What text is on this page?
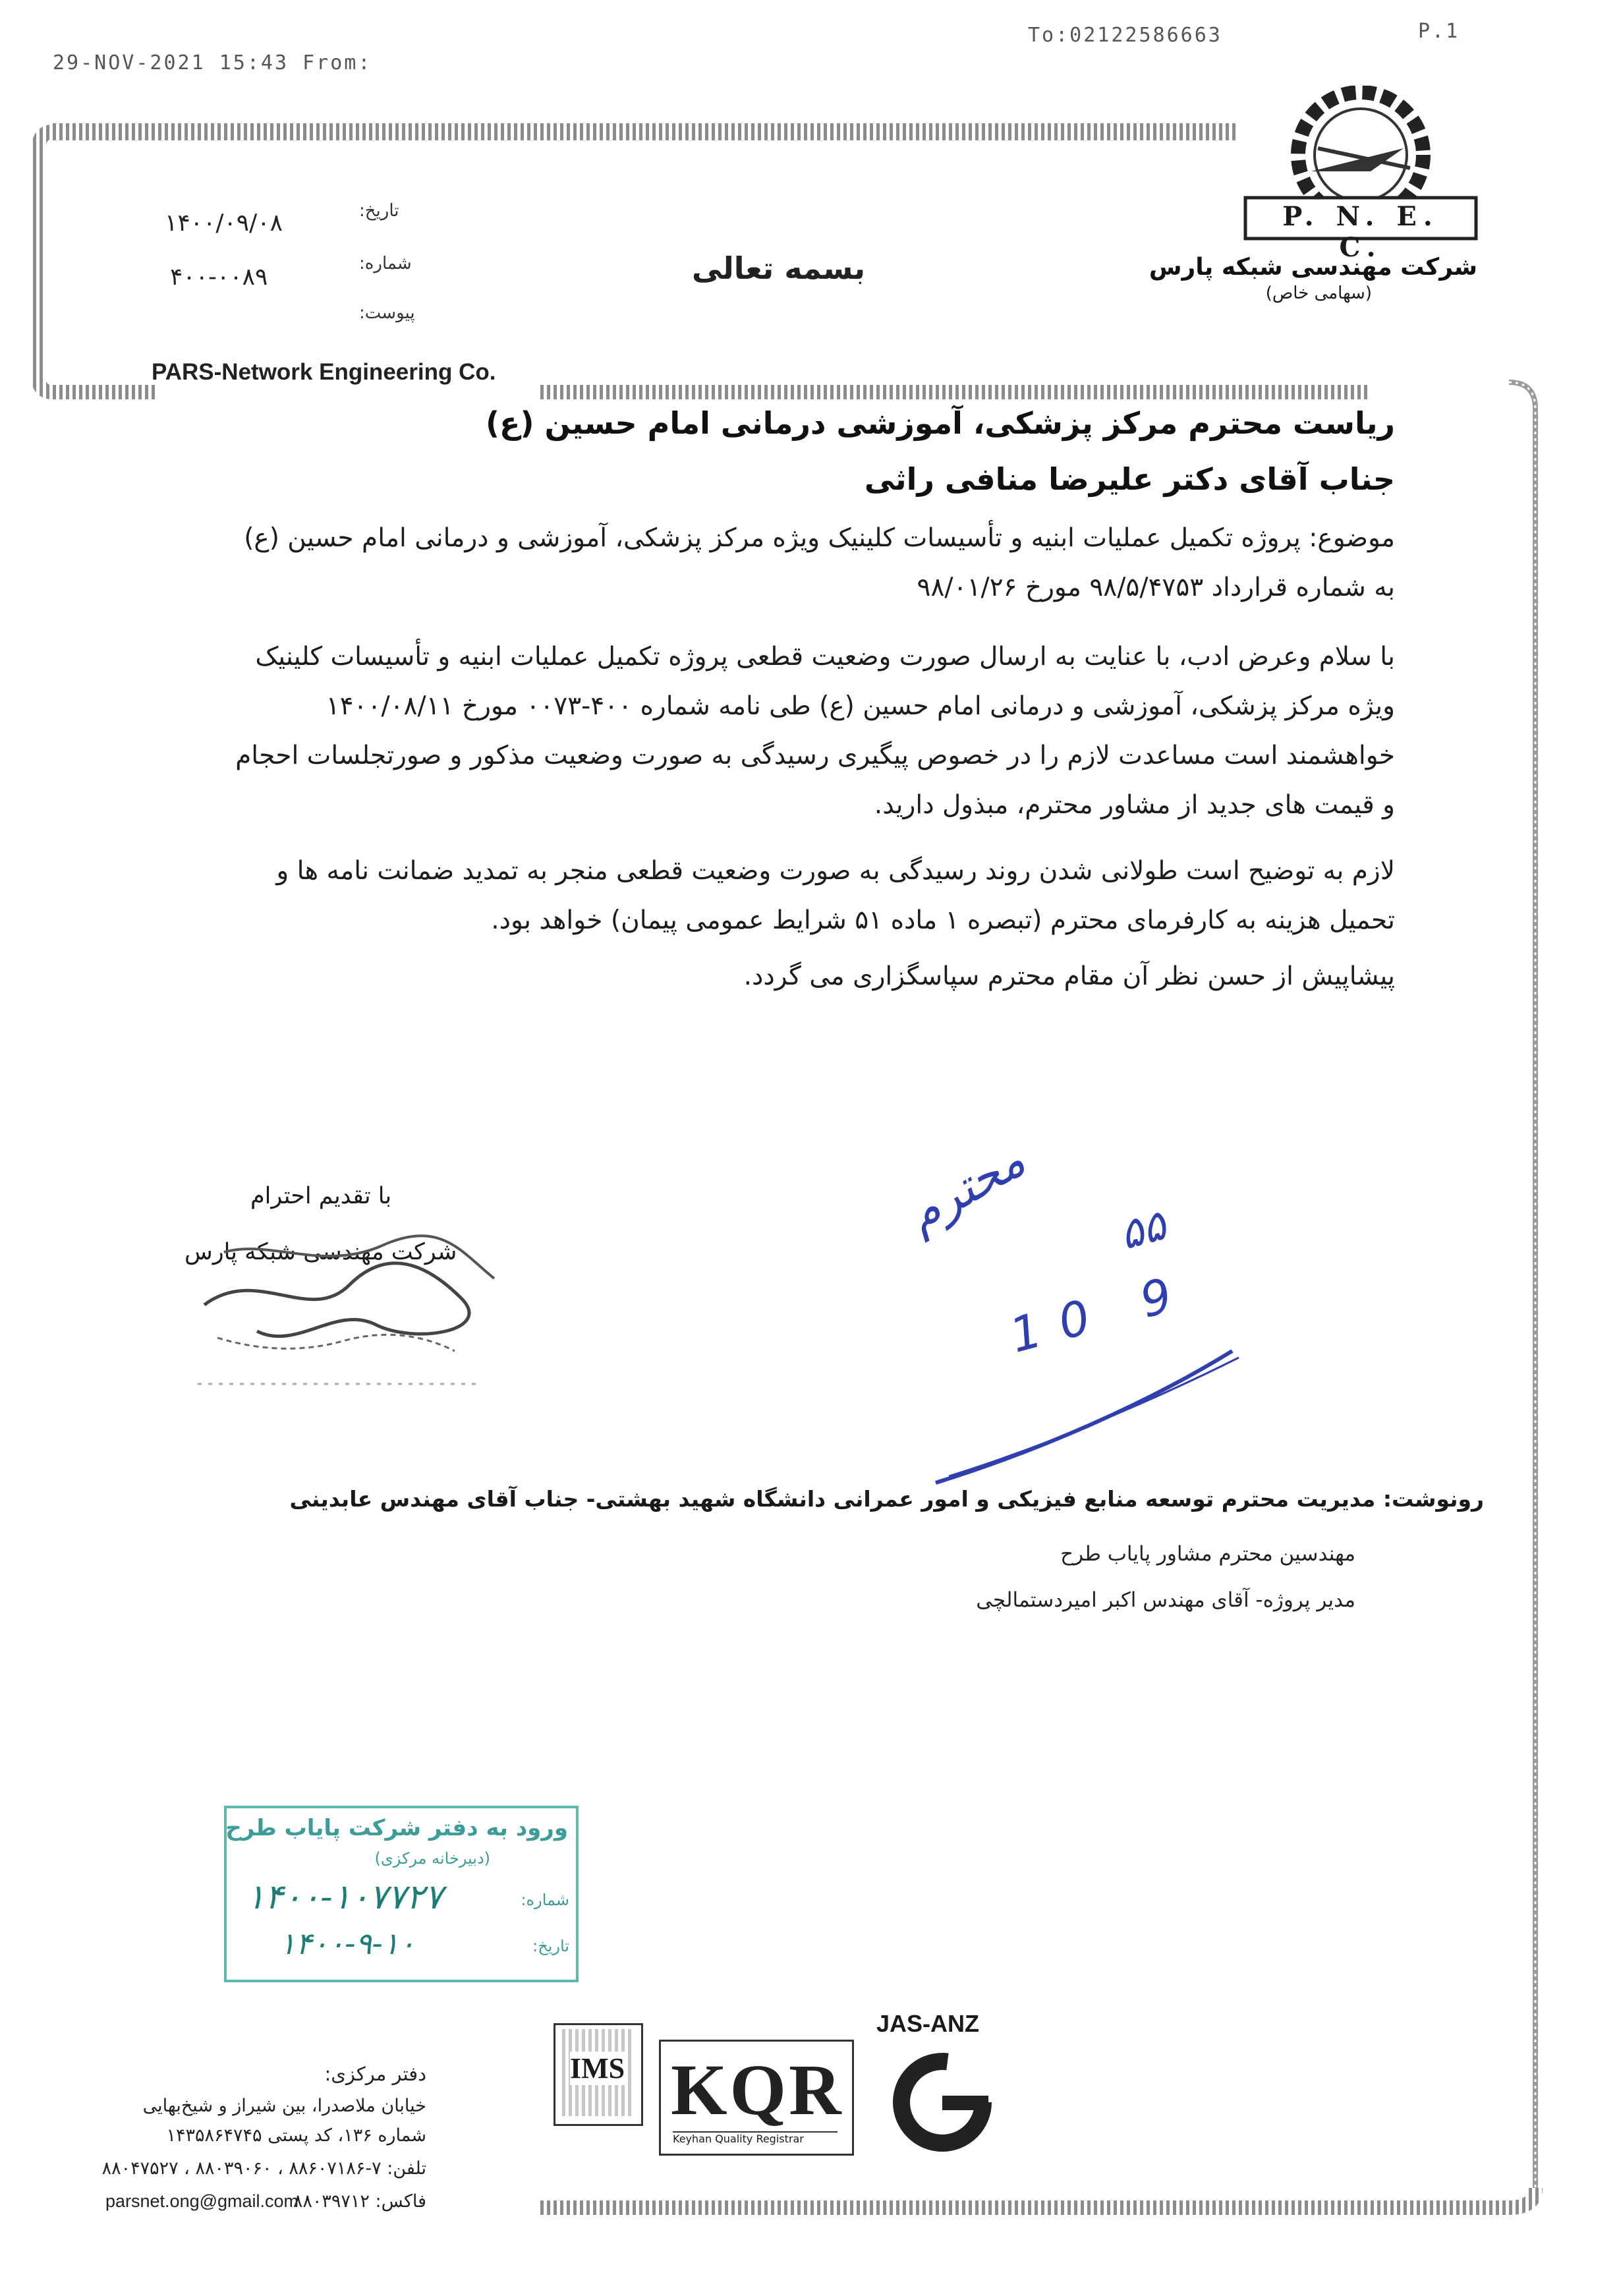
29-NOV-2021 15:43 From:
To:02122586663	P.1
P. N. E. C.
شرکت مهندسی شبکه پارس
(سهامی خاص)
PARS-Network Engineering Co.
بسمه تعالی
تاریخ:
۱۴۰۰/۰۹/۰۸
شماره:
۴۰۰-۰۰۸۹
پیوست:
ریاست محترم مرکز پزشکی، آموزشی درمانی امام حسین (ع)
جناب آقای دکتر علیرضا منافی راثی
موضوع: پروژه تکمیل عملیات ابنیه و تأسیسات کلینیک ویژه مرکز پزشکی، آموزشی و درمانی امام حسین (ع)
به شماره قرارداد ۹۸/۵/۴۷۵۳ مورخ ۹۸/۰۱/۲۶
با سلام وعرض ادب، با عنایت به ارسال صورت وضعیت قطعی پروژه تکمیل عملیات ابنیه و تأسیسات کلینیک
ویژه مرکز پزشکی، آموزشی و درمانی امام حسین (ع) طی نامه شماره ۴۰۰-۰۰۷۳ مورخ ۱۴۰۰/۰۸/۱۱
خواهشمند است مساعدت لازم را در خصوص پیگیری رسیدگی به صورت وضعیت مذکور و صورتجلسات احجام
و قیمت های جدید از مشاور محترم، مبذول دارید.
لازم به توضیح است طولانی شدن روند رسیدگی به صورت وضعیت قطعی منجر به تمدید ضمانت نامه ها و
تحمیل هزینه به کارفرمای محترم (تبصره ۱ ماده ۵۱ شرایط عمومی پیمان) خواهد بود.
پیشاپیش از حسن نظر آن مقام محترم سپاسگزاری می گردد.
با تقدیم احترام
شرکت مهندسی شبکه پارس
محترم ۵۵
10 9
رونوشت: مدیریت محترم توسعه منابع فیزیکی و امور عمرانی دانشگاه شهید بهشتی- جناب آقای مهندس عابدینی
مهندسین محترم مشاور پایاب طرح
مدیر پروژه- آقای مهندس اکبر امیردستمالچی
ورود به دفتر شرکت پایاب طرح
(دبیرخانه مرکزی)
شماره:
۱۴۰۰-۱۰۷۷۲۷
تاریخ:
۱۴۰۰-۹-۱۰
IMS KQR
Keyhan Quality Registrar
JAS-ANZ
دفتر مرکزی:
خیابان ملاصدرا، بین شیراز و شیخ‌بهایی
شماره ۱۳۶، کد پستی ۱۴۳۵۸۶۴۷۴۵
تلفن: ۷-۸۸۶۰۷۱۸۶ ، ۸۸۰۳۹۰۶۰ ، ۸۸۰۴۷۵۲۷
فاکس: ۸۸۰۳۹۷۱۲
parsnet.ong@gmail.com
